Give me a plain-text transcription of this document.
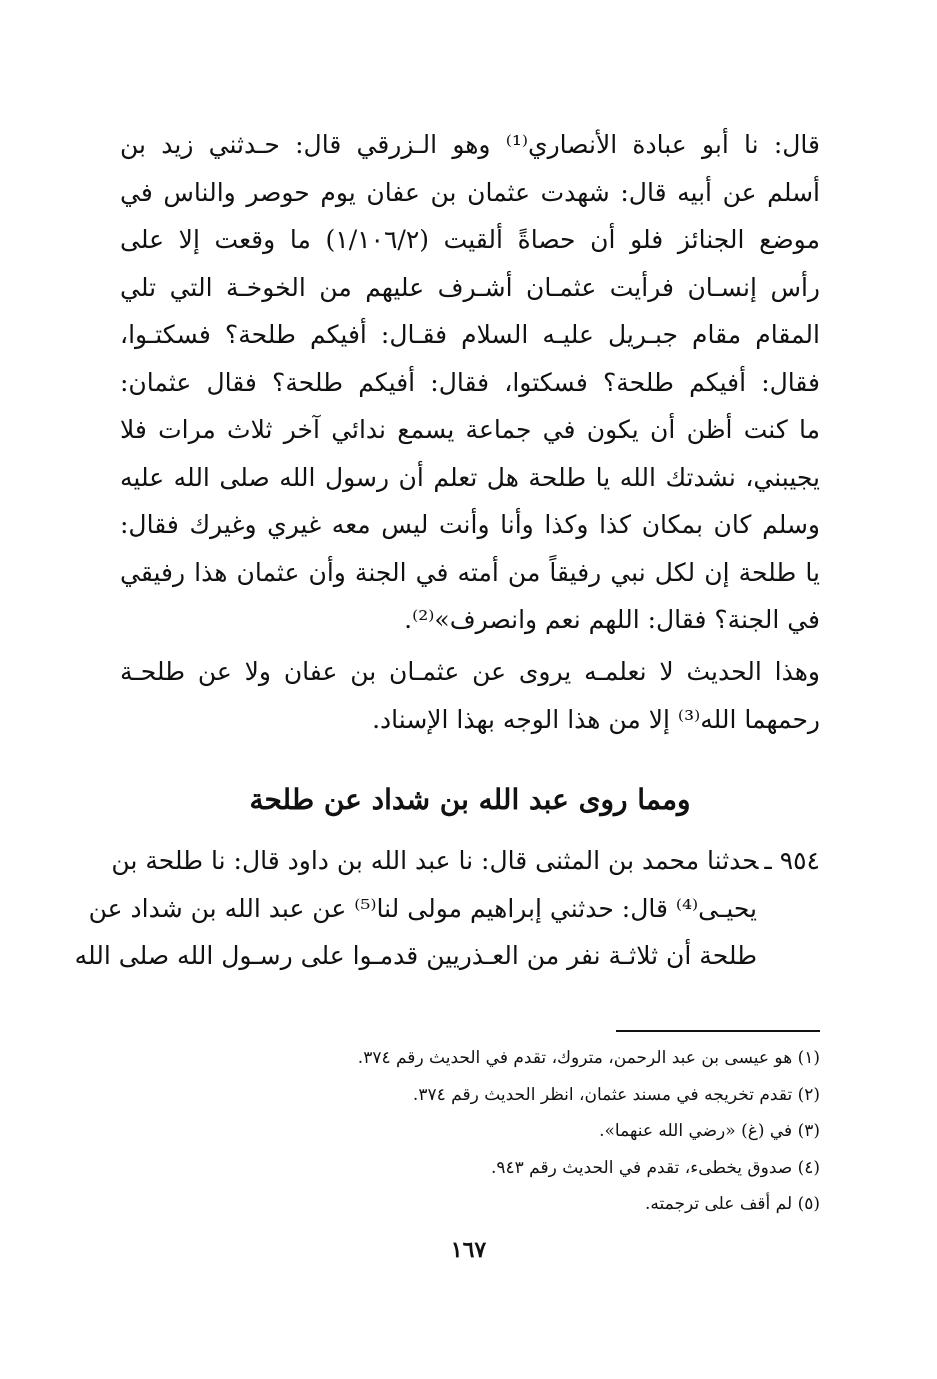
قال: نا أبو عبادة الأنصاري⁽¹⁾ وهو الـزرقي قال: حـدثني زيد بن
أسلم عن أبيه قال: شهدت عثمان بن عفان يوم حوصر والناس في
موضع الجنائز فلو أن حصاةً ألقيت (١/١٠٦/٢) ما وقعت إلا على
رأس إنسـان فرأيت عثمـان أشـرف عليهم من الخوخـة التي تلي
المقام مقام جبـريل عليـه السلام فقـال: أفيكم طلحة؟ فسكتـوا،
فقال: أفيكم طلحة؟ فسكتوا، فقال: أفيكم طلحة؟ فقال عثمان:
ما كنت أظن أن يكون في جماعة يسمع ندائي آخر ثلاث مرات فلا
يجيبني، نشدتك الله يا طلحة هل تعلم أن رسول الله صلى الله عليه
وسلم كان بمكان كذا وكذا وأنا وأنت ليس معه غيري وغيرك فقال:
يا طلحة إن لكل نبي رفيقاً من أمته في الجنة وأن عثمان هذا رفيقي
في الجنة؟ فقال: اللهم نعم وانصرف»⁽²⁾.
وهذا الحديث لا نعلمـه يروى عن عثمـان بن عفان ولا عن طلحـة
رحمهما الله⁽³⁾ إلا من هذا الوجه بهذا الإسناد.
ومما روى عبد الله بن شداد عن طلحة
٩٥٤ ـحدثنا محمد بن المثنى قال: نا عبد الله بن داود قال: نا طلحة بن
يحيـى⁽⁴⁾ قال: حدثني إبراهيم مولى لنا⁽⁵⁾ عن عبد الله بن شداد عن
طلحة أن ثلاثـة نفر من العـذريين قدمـوا على رسـول الله صلى الله
(١) هو عيسى بن عبد الرحمن، متروك، تقدم في الحديث رقم ٣٧٤.
(٢) تقدم تخريجه في مسند عثمان، انظر الحديث رقم ٣٧٤.
(٣) في (غ) «رضي الله عنهما».
(٤) صدوق يخطىء، تقدم في الحديث رقم ٩٤٣.
(٥) لم أقف على ترجمته.
١٦٧
